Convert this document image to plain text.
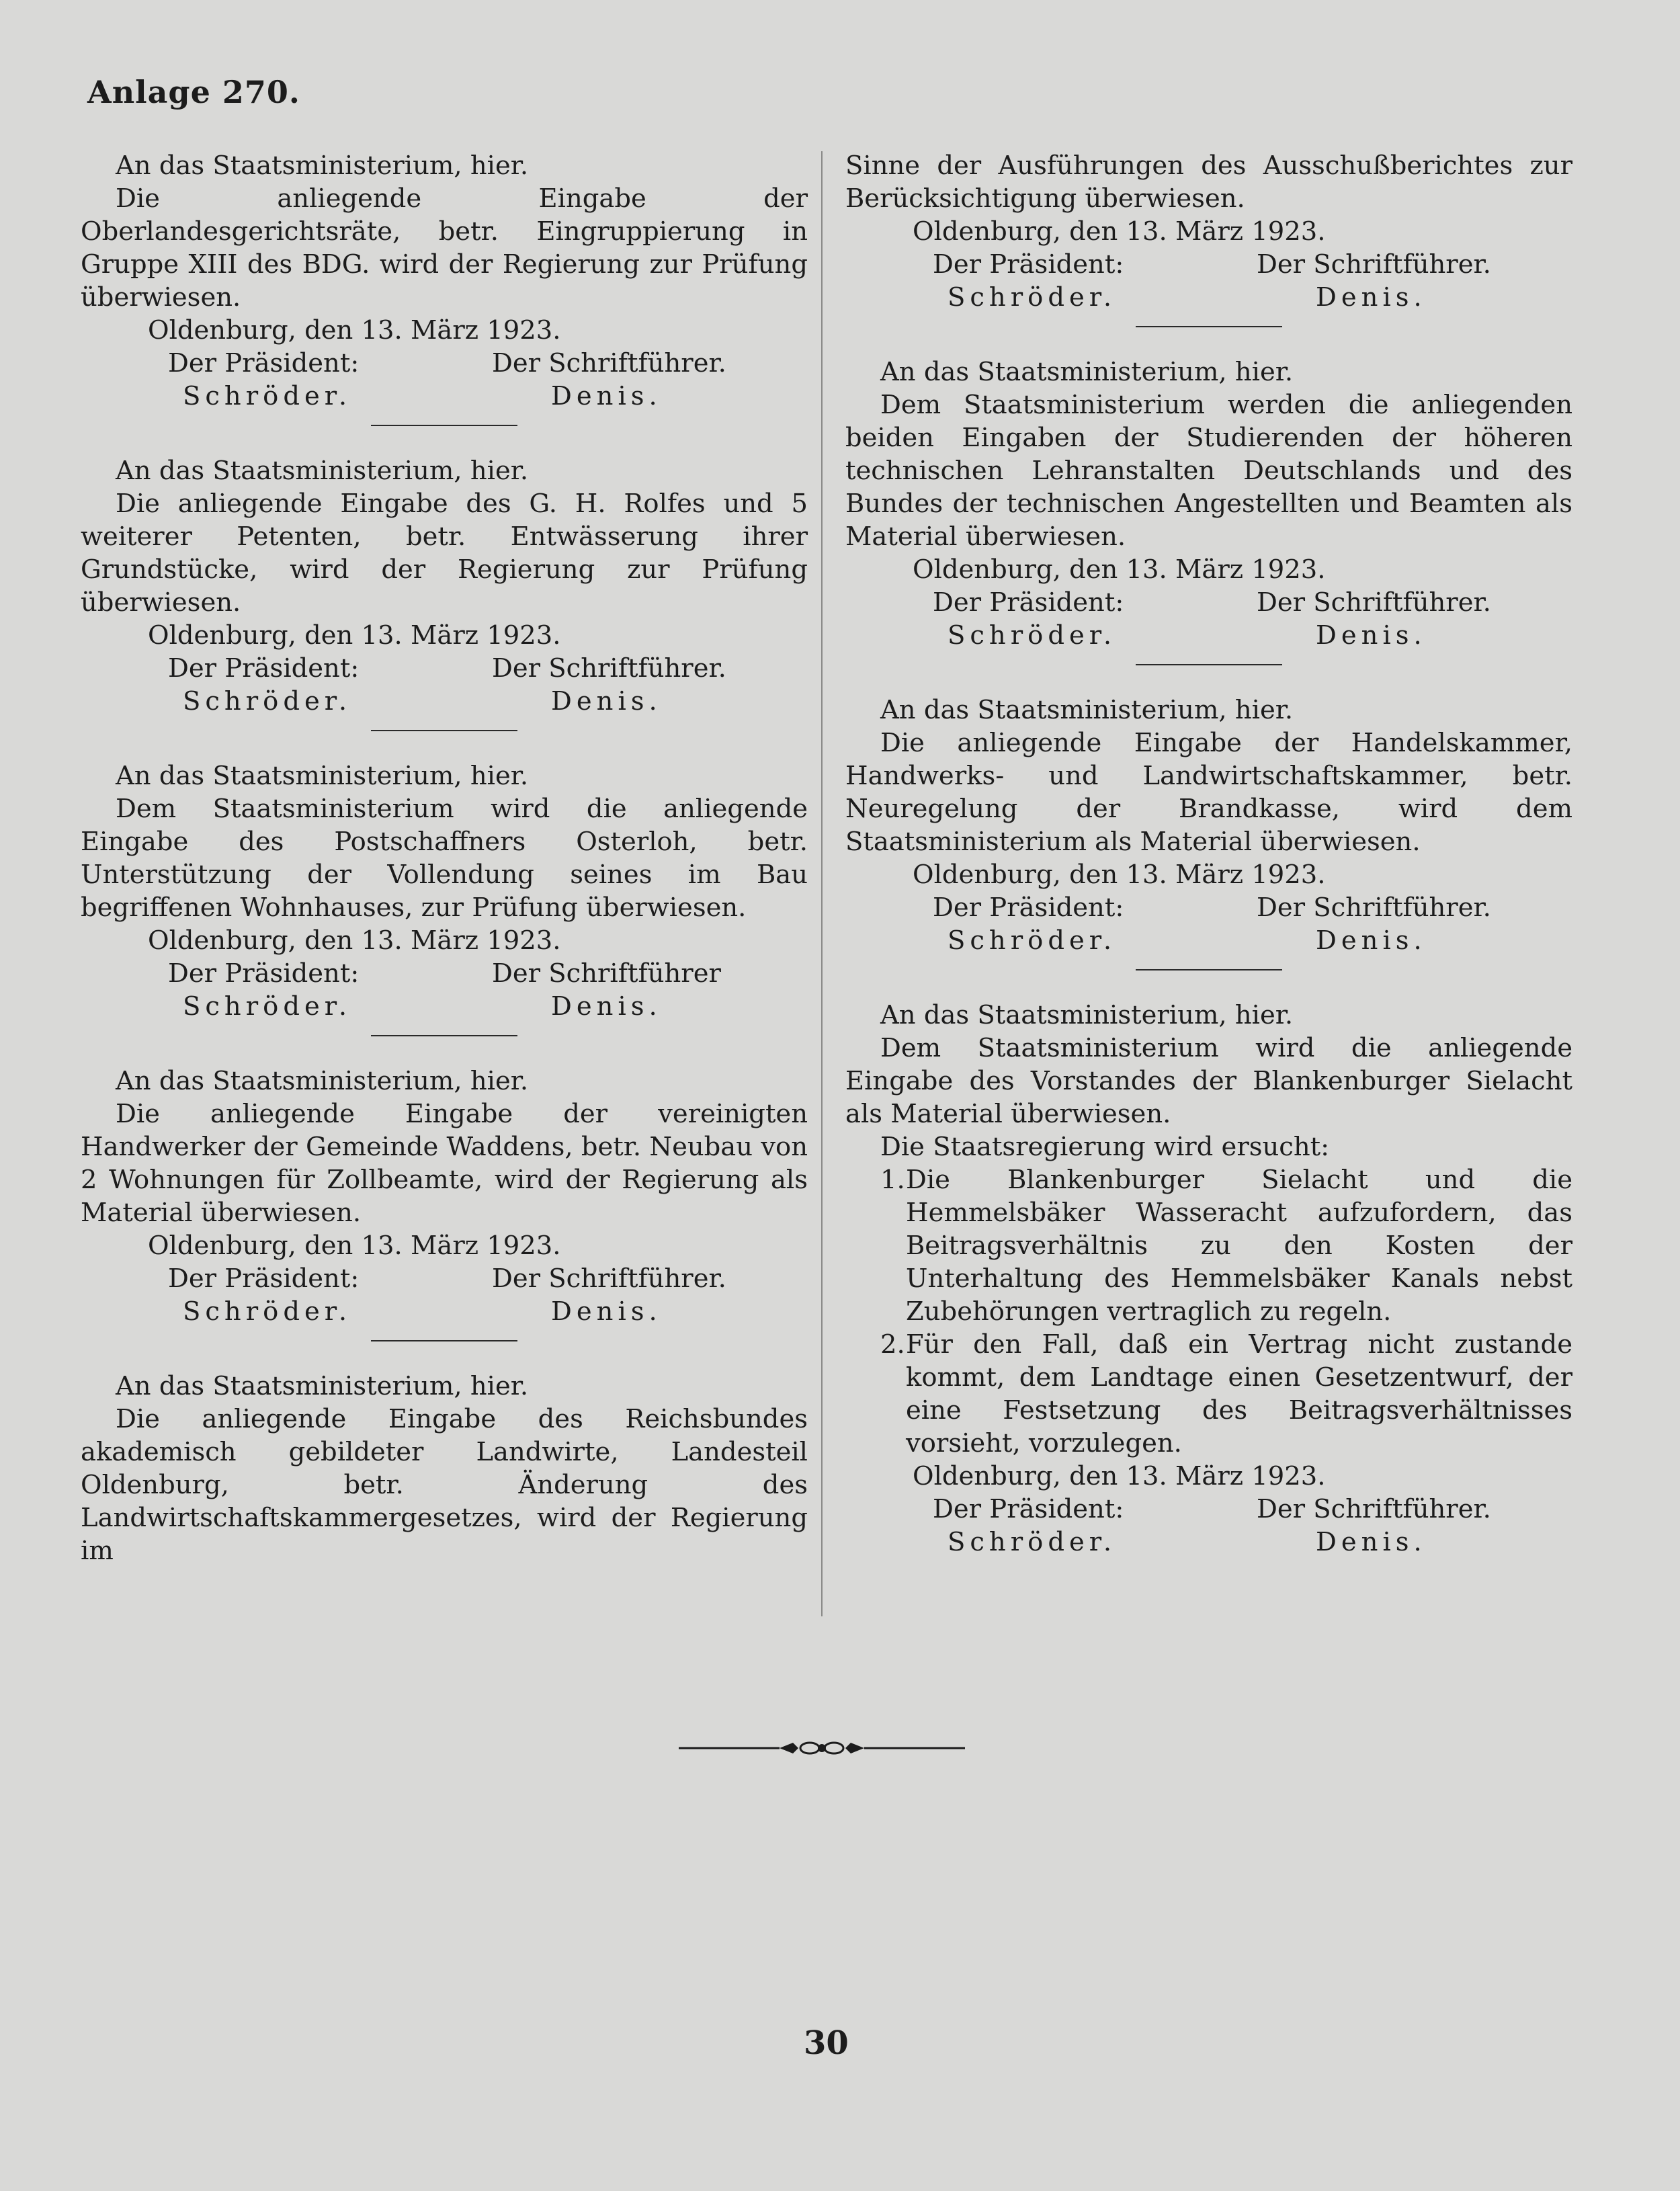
Anlage 270.

An das Staatsministerium, hier.

Die anliegende Eingabe der Oberlandesgerichtsräte, betr. Eingruppierung in Gruppe XIII des BDG. wird der Regierung zur Prüfung überwiesen.

Oldenburg, den 13. März 1923.

Der Präsident:	Der Schriftführer.
Schröder.	Denis.

An das Staatsministerium, hier.

Die anliegende Eingabe des G. H. Rolfes und 5 weiterer Petenten, betr. Entwässerung ihrer Grundstücke, wird der Regierung zur Prüfung überwiesen.

Oldenburg, den 13. März 1923.

Der Präsident:	Der Schriftführer.
Schröder.	Denis.

An das Staatsministerium, hier.

Dem Staatsministerium wird die anliegende Eingabe des Postschaffners Osterloh, betr. Unterstützung der Vollendung seines im Bau begriffenen Wohnhauses, zur Prüfung überwiesen.

Oldenburg, den 13. März 1923.

Der Präsident:	Der Schriftführer
Schröder.	Denis.

An das Staatsministerium, hier.

Die anliegende Eingabe der vereinigten Handwerker der Gemeinde Waddens, betr. Neubau von 2 Wohnungen für Zollbeamte, wird der Regierung als Material überwiesen.

Oldenburg, den 13. März 1923.

Der Präsident:	Der Schriftführer.
Schröder.	Denis.

An das Staatsministerium, hier.

Die anliegende Eingabe des Reichsbundes akademisch gebildeter Landwirte, Landesteil Oldenburg, betr. Änderung des Landwirtschaftskammergesetzes, wird der Regierung im

Sinne der Ausführungen des Ausschußberichtes zur Berücksichtigung überwiesen.

Oldenburg, den 13. März 1923.

Der Präsident:	Der Schriftführer.
Schröder.	Denis.

An das Staatsministerium, hier.

Dem Staatsministerium werden die anliegenden beiden Eingaben der Studierenden der höheren technischen Lehranstalten Deutschlands und des Bundes der technischen Angestellten und Beamten als Material überwiesen.

Oldenburg, den 13. März 1923.

Der Präsident:	Der Schriftführer.
Schröder.	Denis.

An das Staatsministerium, hier.

Die anliegende Eingabe der Handelskammer, Handwerks- und Landwirtschaftskammer, betr. Neuregelung der Brandkasse, wird dem Staatsministerium als Material überwiesen.

Oldenburg, den 13. März 1923.

Der Präsident:	Der Schriftführer.
Schröder.	Denis.

An das Staatsministerium, hier.

Dem Staatsministerium wird die anliegende Eingabe des Vorstandes der Blankenburger Sielacht als Material überwiesen.

Die Staatsregierung wird ersucht:

1. Die Blankenburger Sielacht und die Hemmelsbäker Wasseracht aufzufordern, das Beitragsverhältnis zu den Kosten der Unterhaltung des Hemmelsbäker Kanals nebst Zubehörungen vertraglich zu regeln.
2. Für den Fall, daß ein Vertrag nicht zustande kommt, dem Landtage einen Gesetzentwurf, der eine Festsetzung des Beitragsverhältnisses vorsieht, vorzulegen.

Oldenburg, den 13. März 1923.

Der Präsident:	Der Schriftführer.
Schröder.	Denis.
30
